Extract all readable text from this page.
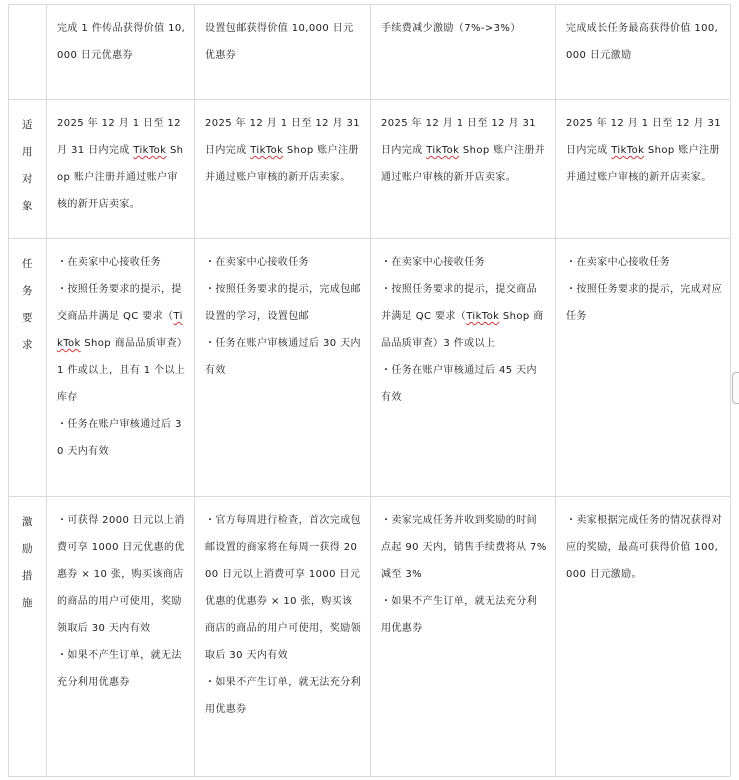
	完成 1 件传品获得价值 10,000 日元优惠券	设置包邮获得价值 10,000 日元优惠券	手续费减少激励（7%->3%）	完成成长任务最高获得价值 100,000 日元激励

适
用
对
象	2025 年 12 月 1 日至 12 月 31 日内完成 TikTok Shop 账户注册并通过账户审核的新开店卖家。	2025 年 12 月 1 日至 12 月 31 日内完成 TikTok Shop 账户注册并通过账户审核的新开店卖家。	2025 年 12 月 1 日至 12 月 31 日内完成 TikTok Shop 账户注册并通过账户审核的新开店卖家。	2025 年 12 月 1 日至 12 月 31 日内完成 TikTok Shop 账户注册并通过账户审核的新开店卖家。

任
务
要
求	・在卖家中心接收任务
・按照任务要求的提示，提交商品并满足 QC 要求（TikTok Shop 商品品质审查）1 件或以上，且有 1 个以上库存
・任务在账户审核通过后 30 天内有效	・在卖家中心接收任务
・按照任务要求的提示，完成包邮设置的学习，设置包邮
・任务在账户审核通过后 30 天内有效	・在卖家中心接收任务
・按照任务要求的提示，提交商品并满足 QC 要求（TikTok Shop 商品品质审查）3 件或以上
・任务在账户审核通过后 45 天内有效	・在卖家中心接收任务
・按照任务要求的提示，完成对应任务

激
励
措
施	・可获得 2000 日元以上消费可享 1000 日元优惠的优惠券 × 10 张，购买该商店的商品的用户可使用，奖励领取后 30 天内有效
・如果不产生订单，就无法充分利用优惠券	・官方每周进行检查，首次完成包邮设置的商家将在每周一获得 2000 日元以上消费可享 1000 日元优惠的优惠券 × 10 张，购买该商店的商品的用户可使用，奖励领取后 30 天内有效
・如果不产生订单，就无法充分利用优惠券	・卖家完成任务并收到奖励的时间点起 90 天内，销售手续费将从 7% 减至 3%
・如果不产生订单，就无法充分利用优惠券	・卖家根据完成任务的情况获得对应的奖励，最高可获得价值 100,000 日元激励。
